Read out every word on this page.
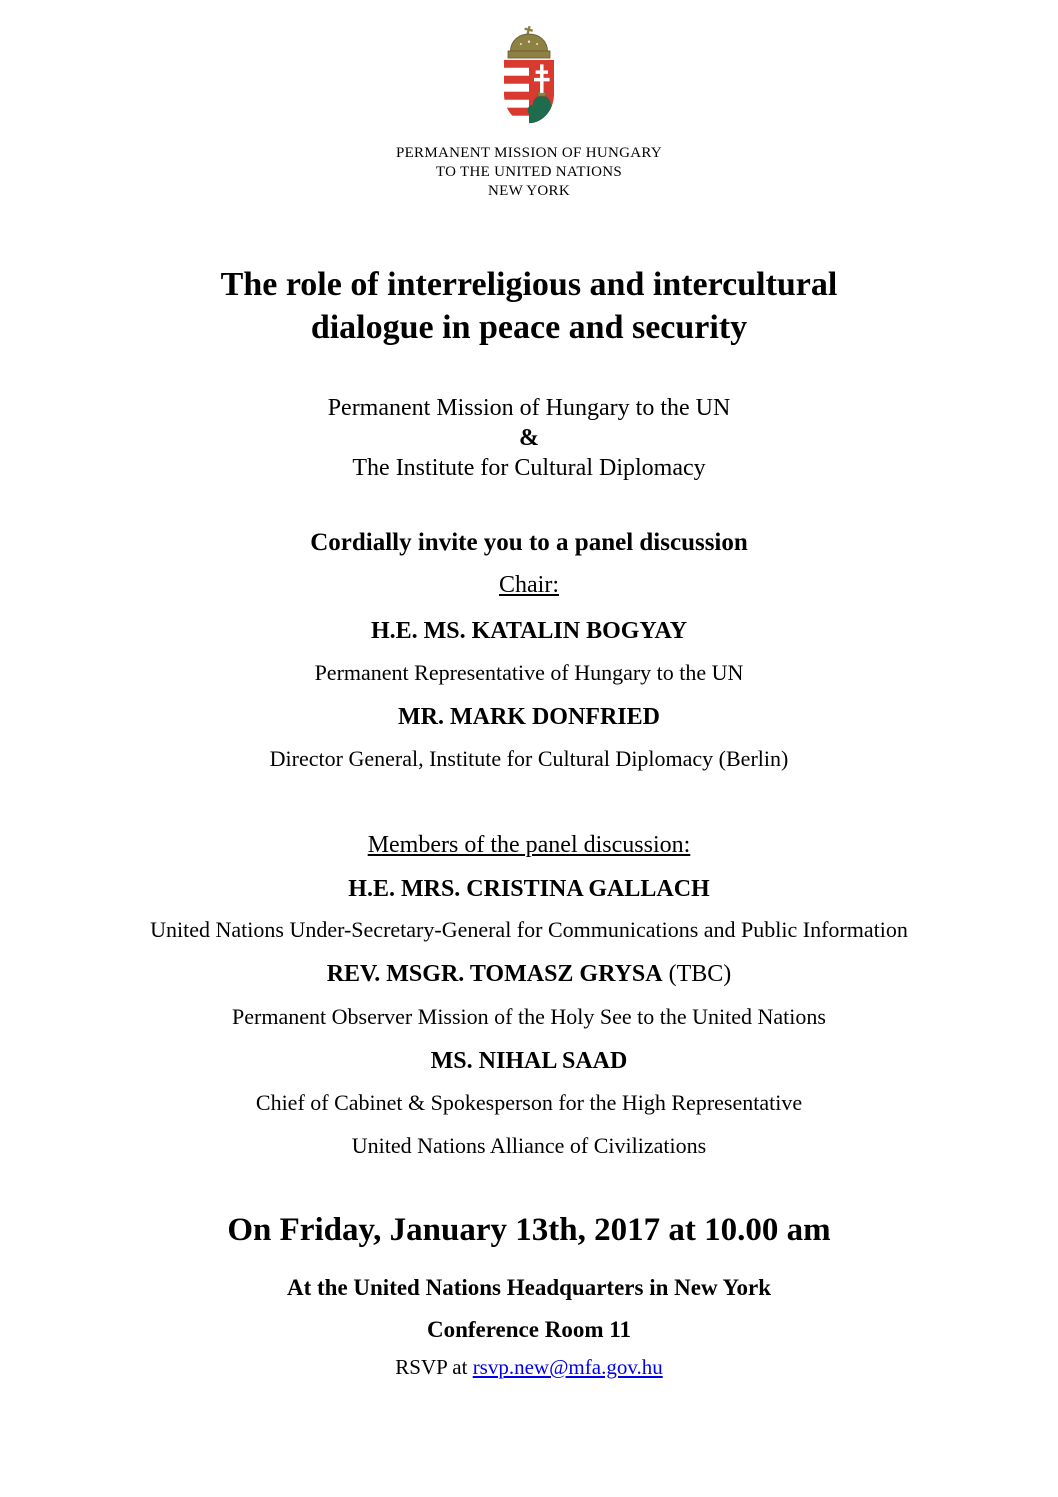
PERMANENT MISSION OF HUNGARY
TO THE UNITED NATIONS
NEW YORK
The role of interreligious and intercultural
dialogue in peace and security
Permanent Mission of Hungary to the UN
&
The Institute for Cultural Diplomacy
Cordially invite you to a panel discussion
Chair:
H.E. MS. KATALIN BOGYAY
Permanent Representative of Hungary to the UN
MR. MARK DONFRIED
Director General, Institute for Cultural Diplomacy (Berlin)
Members of the panel discussion:
H.E. MRS. CRISTINA GALLACH
United Nations Under-Secretary-General for Communications and Public Information
REV. MSGR. TOMASZ GRYSA (TBC)
Permanent Observer Mission of the Holy See to the United Nations
MS. NIHAL SAAD
Chief of Cabinet & Spokesperson for the High Representative
United Nations Alliance of Civilizations
On Friday, January 13th, 2017 at 10.00 am
At the United Nations Headquarters in New York
Conference Room 11
RSVP at rsvp.new@mfa.gov.hu
